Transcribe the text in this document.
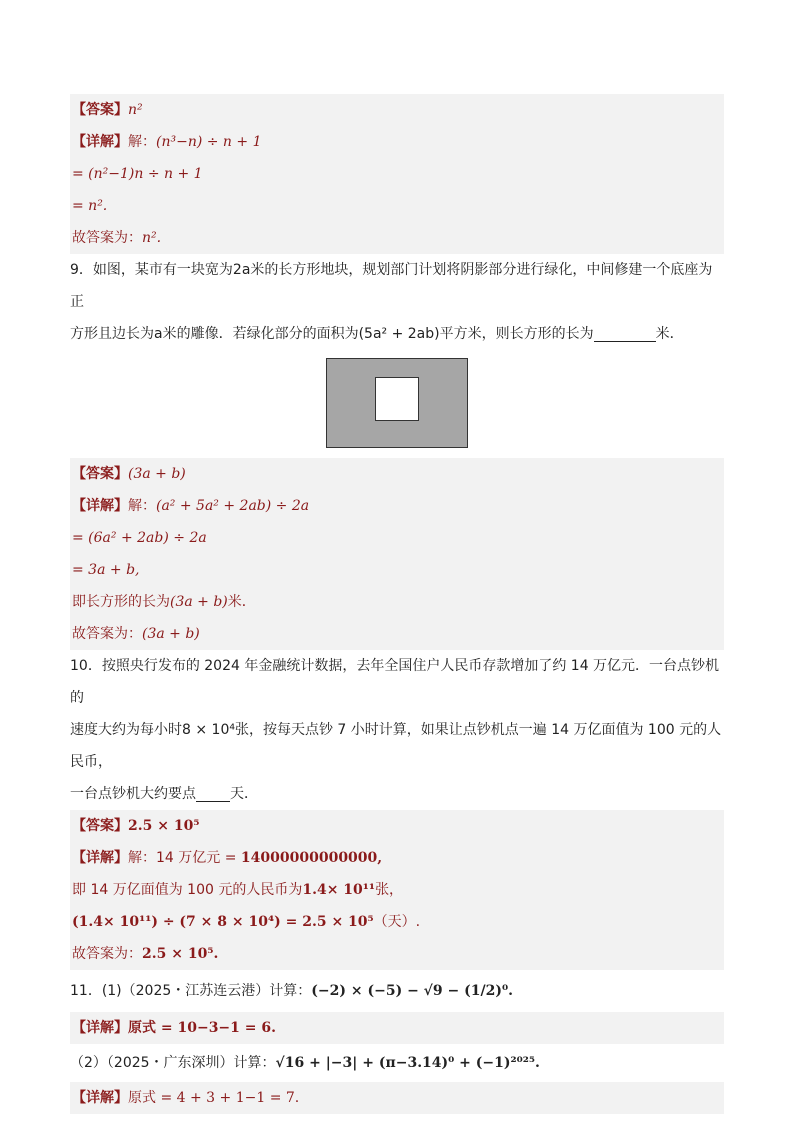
【答案】n²
【详解】解：(n³−n) ÷ n + 1
= (n²−1)n ÷ n + 1
= n².
故答案为：n².
9．如图，某市有一块宽为2a米的长方形地块，规划部门计划将阴影部分进行绿化，中间修建一个底座为正
方形且边长为a米的雕像．若绿化部分的面积为(5a² + 2ab)平方米，则长方形的长为	米．
【答案】(3a + b)
【详解】解：(a² + 5a² + 2ab) ÷ 2a
= (6a² + 2ab) ÷ 2a
= 3a + b,
即长方形的长为(3a + b)米．
故答案为：(3a + b)
10．按照央行发布的 2024 年金融统计数据，去年全国住户人民币存款增加了约 14 万亿元．一台点钞机的
速度大约为每小时8 × 10⁴张，按每天点钞 7 小时计算，如果让点钞机点一遍 14 万亿面值为 100 元的人民币，
一台点钞机大约要点 天．
【答案】2.5 × 10⁵
【详解】解：14 万亿元 = 14000000000000,
即 14 万亿面值为 100 元的人民币为1.4× 10¹¹张，
(1.4× 10¹¹) ÷ (7 × 8 × 10⁴) = 2.5 × 10⁵（天）.
故答案为：2.5 × 10⁵.
11．(1)（2025・江苏连云港）计算：(−2) × (−5) − √9 − (1/2)⁰.
【详解】原式 = 10−3−1 = 6.
（2）（2025・广东深圳）计算：√16 + |−3| + (π−3.14)⁰ + (−1)²⁰²⁵.
【详解】原式 = 4 + 3 + 1−1 = 7.
